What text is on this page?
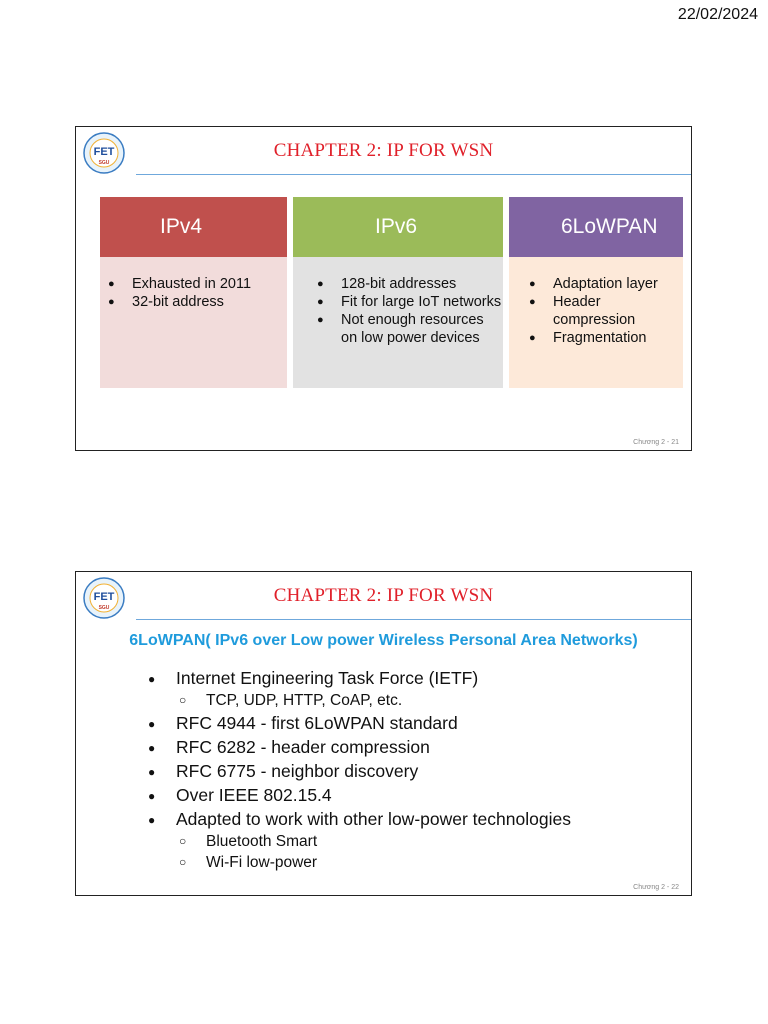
22/02/2024
FET
SGU
CHAPTER 2: IP FOR WSN
IPv4
● Exhausted in 2011
● 32-bit address
IPv6
● 128-bit addresses
● Fit for large IoT networks
● Not enough resources on low power devices
6LoWPAN
● Adaptation layer
● Header compression
● Fragmentation
Chương 2 - 21
FET
SGU
CHAPTER 2: IP FOR WSN
6LoWPAN( IPv6 over Low power Wireless Personal Area Networks)
● Internet Engineering Task Force (IETF)
○ TCP, UDP, HTTP, CoAP, etc.
● RFC 4944 - first 6LoWPAN standard
● RFC 6282 - header compression
● RFC 6775 - neighbor discovery
● Over IEEE 802.15.4
● Adapted to work with other low-power technologies
○ Bluetooth Smart
○ Wi-Fi low-power
Chương 2 - 22
